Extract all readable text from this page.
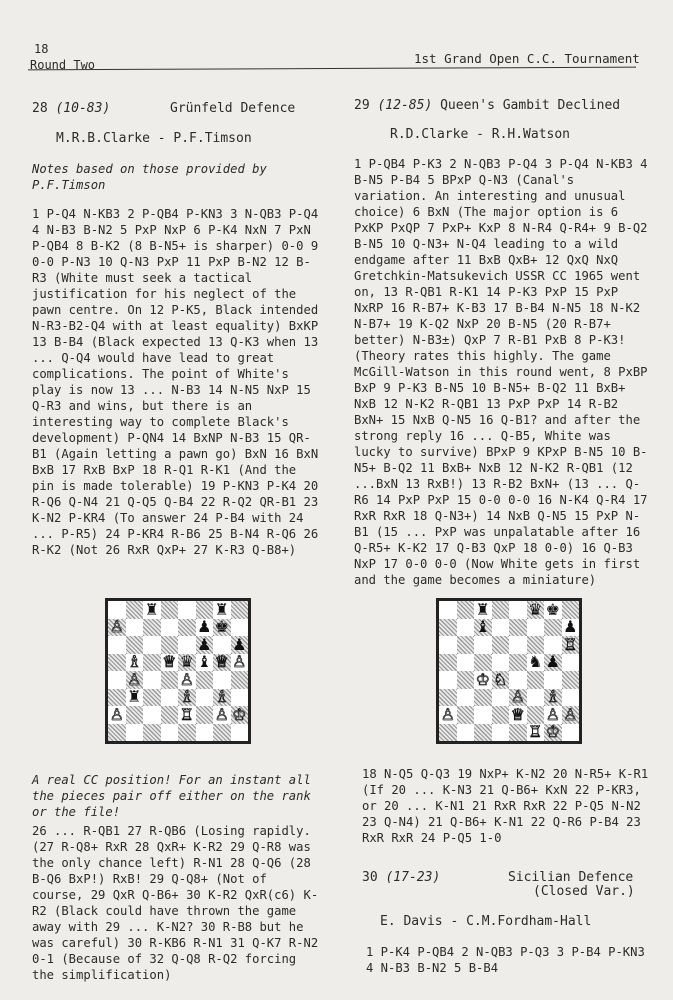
18
Round Two	1st Grand Open C.C. Tournament
28 (10-83)	Grünfeld Defence
M.R.B.Clarke - P.F.Timson
Notes based on those provided by P.F.Timson
1 P-Q4 N-KB3 2 P-QB4 P-KN3 3 N-QB3 P-Q4 4 N-B3 B-N2 5 PxP NxP 6 P-K4 NxN 7 PxN P-QB4 8 B-K2 (8 B-N5+ is sharper) 0-0 9 0-0 P-N3 10 Q-N3 PxP 11 PxP B-N2 12 B-R3 (White must seek a tactical justification for his neglect of the pawn centre. On 12 P-K5, Black intended N-R3-B2-Q4 with at least equality) BxKP 13 B-B4 (Black expected 13 Q-K3 when 13 ... Q-Q4 would have lead to great complications. The point of White's play is now 13 ... N-B3 14 N-N5 NxP 15 Q-R3 and wins, but there is an interesting way to complete Black's development) P-QN4 14 BxNP N-B3 15 QR-B1 (Again letting a pawn go) BxN 16 BxN BxB 17 RxB BxP 18 R-Q1 R-K1 (And the pin is made tolerable) 19 P-KN3 P-K4 20 R-Q6 Q-N4 21 Q-Q5 Q-B4 22 R-Q2 QR-B1 23 K-N2 P-KR4 (To answer 24 P-B4 with 24 ... P-R5) 24 P-KR4 R-B6 25 B-N4 R-Q6 26 R-K2 (Not 26 RxR QxP+ 27 K-R3 Q-B8+)
♜	♜
♙	♟ ♚
♟ ♟
♗ ♕ ♛ ♝ ♕ ♙
♙ ♙
♜ ♗ ♗
♙	♖ ♙ ♔
A real CC position! For an instant all the pieces pair off either on the rank or the file!
26 ... R-QB1 27 R-QB6 (Losing rapidly. (27 R-Q8+ RxR 28 QxR+ K-R2 29 Q-R8 was the only chance left) R-N1 28 Q-Q6 (28 B-Q6 BxP!) RxB! 29 Q-Q8+ (Not of course, 29 QxR Q-B6+ 30 K-R2 QxR(c6) K-R2 (Black could have thrown the game away with 29 ... K-N2? 30 R-B8 but he was careful) 30 R-KB6 R-N1 31 Q-K7 R-N2 0-1 (Because of 32 Q-Q8 R-Q2 forcing the simplification)
29 (12-85) Queen's Gambit Declined
R.D.Clarke - R.H.Watson
1 P-QB4 P-K3 2 N-QB3 P-Q4 3 P-Q4 N-KB3 4 B-N5 P-B4 5 BPxP Q-N3 (Canal's variation. An interesting and unusual choice) 6 BxN (The major option is 6 PxKP PxQP 7 PxP+ KxP 8 N-R4 Q-R4+ 9 B-Q2 B-N5 10 Q-N3+ N-Q4 leading to a wild endgame after 11 BxB QxB+ 12 QxQ NxQ Gretchkin-Matsukevich USSR CC 1965 went on, 13 R-QB1 R-K1 14 P-K3 PxP 15 PxP NxRP 16 R-B7+ K-B3 17 B-B4 N-N5 18 N-K2 N-B7+ 19 K-Q2 NxP 20 B-N5 (20 R-B7+ better) N-B3±) QxP 7 R-B1 PxB 8 P-K3! (Theory rates this highly. The game McGill-Watson in this round went, 8 PxBP BxP 9 P-K3 B-N5 10 B-N5+ B-Q2 11 BxB+ NxB 12 N-K2 R-QB1 13 PxP PxP 14 R-B2 BxN+ 15 NxB Q-N5 16 Q-B1? and after the strong reply 16 ... Q-B5, White was lucky to survive) BPxP 9 KPxP B-N5 10 B-N5+ B-Q2 11 BxB+ NxB 12 N-K2 R-QB1 (12 ...BxN 13 RxB!) 13 R-B2 BxN+ (13 ... Q-R6 14 PxP PxP 15 0-0 0-0 16 N-K4 Q-R4 17 RxR RxR 18 Q-N3+) 14 NxB Q-N5 15 PxP N-B1 (15 ... PxP was unpalatable after 16 Q-R5+ K-K2 17 Q-B3 QxP 18 0-0) 16 Q-B3 NxP 17 0-0 0-0 (Now White gets in first and the game becomes a miniature)
♜ ♛ ♚
♝	♟
♖
♞ ♟
♔ ♘
♙ ♗
♙	♕ ♙ ♙
♖ ♔
18 N-Q5 Q-Q3 19 NxP+ K-N2 20 N-R5+ K-R1 (If 20 ... K-N3 21 Q-B6+ KxN 22 P-KR3, or 20 ... K-N1 21 RxR RxR 22 P-Q5 N-N2 23 Q-N4) 21 Q-B6+ K-N1 22 Q-R6 P-B4 23 RxR RxR 24 P-Q5 1-0
30 (17-23)	Sicilian Defence
(Closed Var.)
E. Davis - C.M.Fordham-Hall
1 P-K4 P-QB4 2 N-QB3 P-Q3 3 P-B4 P-KN3 4 N-B3 B-N2 5 B-B4
